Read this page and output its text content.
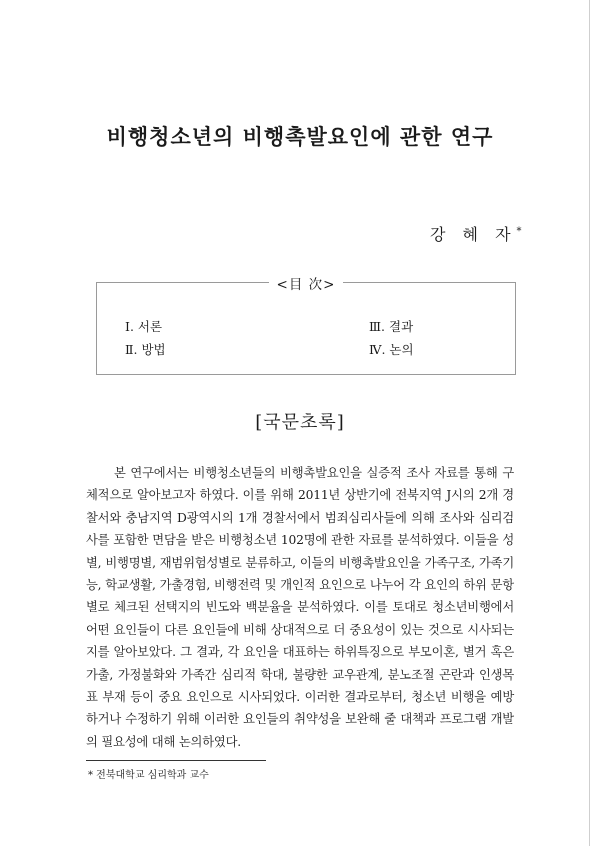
비행청소년의 비행촉발요인에 관한 연구
강 혜 자*
<目 次>
Ⅰ. 서론
Ⅱ. 방법
Ⅲ. 결과
Ⅳ. 논의
[국문초록]

본 연구에서는 비행청소년들의 비행촉발요인을 실증적 조사 자료를 통해 구체적으로 알아보고자 하였다. 이를 위해 2011년 상반기에 전북지역 J시의 2개 경찰서와 충남지역 D광역시의 1개 경찰서에서 범죄심리사들에 의해 조사와 심리검사를 포함한 면담을 받은 비행청소년 102명에 관한 자료를 분석하였다. 이들을 성별, 비행명별, 재범위험성별로 분류하고, 이들의 비행촉발요인을 가족구조, 가족기능, 학교생활, 가출경험, 비행전력 및 개인적 요인으로 나누어 각 요인의 하위 문항별로 체크된 선택지의 빈도와 백분율을 분석하였다. 이를 토대로 청소년비행에서 어떤 요인들이 다른 요인들에 비해 상대적으로 더 중요성이 있는 것으로 시사되는지를 알아보았다. 그 결과, 각 요인을 대표하는 하위특징으로 부모이혼, 별거 혹은 가출, 가정불화와 가족간 심리적 학대, 불량한 교우관계, 분노조절 곤란과 인생목표 부재 등이 중요 요인으로 시사되었다. 이러한 결과로부터, 청소년 비행을 예방하거나 수정하기 위해 이러한 요인들의 취약성을 보완해 줄 대책과 프로그램 개발의 필요성에 대해 논의하였다.

* 전북대학교 심리학과 교수
